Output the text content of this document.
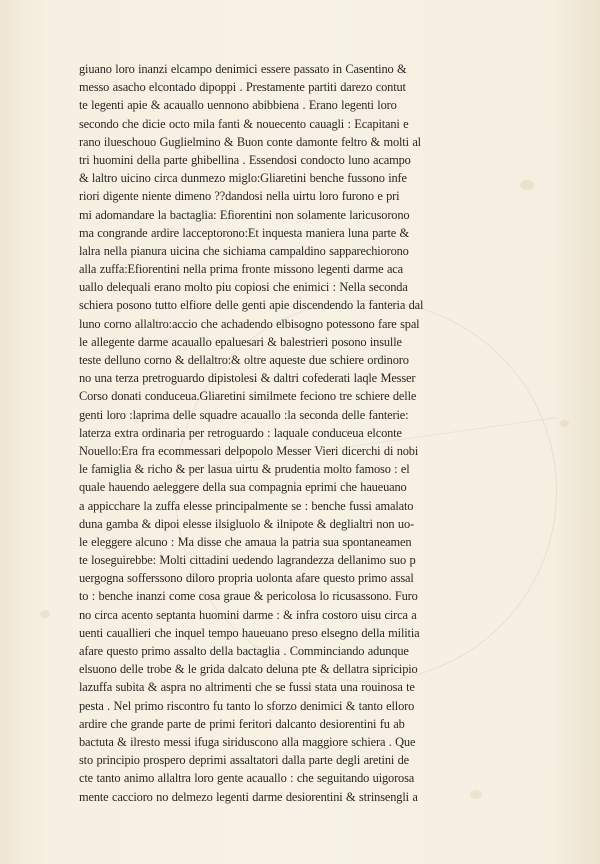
giuano loro inanzi elcampo denimici essere passato in Casentino &
messo asacho elcontado dipoppi . Prestamente partiti darezo contut
te legenti apie & acauallo uennono abibbiena . Erano legenti loro
secondo che dicie octo mila fanti & nouecento cauagli : Ecapitani e
rano ilueschouo Guglielmino & Buon conte damonte feltro & molti al
tri huomini della parte ghibellina . Essendosi condocto luno acampo
& laltro uicino circa dunmezo miglo:Gliaretini benche fussono infe
riori digente niente dimeno ??dandosi nella uirtu loro furono e pri
mi adomandare la bactaglia: Efiorentini non solamente laricusorono
ma congrande ardire lacceptorono:Et inquesta maniera luna parte &
lalra nella pianura uicina che sichiama campaldino sapparechiorono
alla zuffa:Efiorentini nella prima fronte missono legenti darme aca
uallo delequali erano molto piu copiosi che enimici : Nella seconda
schiera posono tutto elfiore delle genti apie discendendo la fanteria dal
luno corno allaltro:accio che achadendo elbisogno potessono fare spal
le allegente darme acauallo epaluesari & balestrieri posono insulle
teste delluno corno & dellaltro:& oltre aqueste due schiere ordinoro
no una terza pretroguardo dipistolesi & daltri cofederati laqle Messer
Corso donati conduceua.Gliaretini similmete feciono tre schiere delle
genti loro :laprima delle squadre acauallo :la seconda delle fanterie:
laterza extra ordinaria per retroguardo : laquale conduceua elconte
Nouello:Era fra ecommessari delpopolo Messer Vieri dicerchi di nobi
le famiglia & richo & per lasua uirtu & prudentia molto famoso : el
quale hauendo aeleggere della sua compagnia eprimi che haueuano
a appicchare la zuffa elesse principalmente se : benche fussi amalato
duna gamba & dipoi elesse ilsigluolo & ilnipote & deglialtri non uo-
le eleggere alcuno : Ma disse che amaua la patria sua spontaneamen
te loseguirebbe: Molti cittadini uedendo lagrandezza dellanimo suo p
uergogna sofferssono diloro propria uolonta afare questo primo assal
to : benche inanzi come cosa graue & pericolosa lo ricusassono. Furo
no circa acento septanta huomini darme : & infra costoro uisu circa a
uenti cauallieri che inquel tempo haueuano preso elsegno della militia
afare questo primo assalto della bactaglia . Comminciando adunque
elsuono delle trobe & le grida dalcato deluna pte & dellatra sipricipio
lazuffa subita & aspra no altrimenti che se fussi stata una rouinosa te
pesta . Nel primo riscontro fu tanto lo sforzo denimici & tanto elloro
ardire che grande parte de primi feritori dalcanto desiorentini fu ab
bactuta & ilresto messi ifuga siriduscono alla maggiore schiera . Que
sto principio prospero deprimi assaltatori dalla parte degli aretini de
cte tanto animo allaltra loro gente acauallo : che seguitando uigorosa
mente caccioro no delmezo legenti darme desiorentini & strinsengli a
